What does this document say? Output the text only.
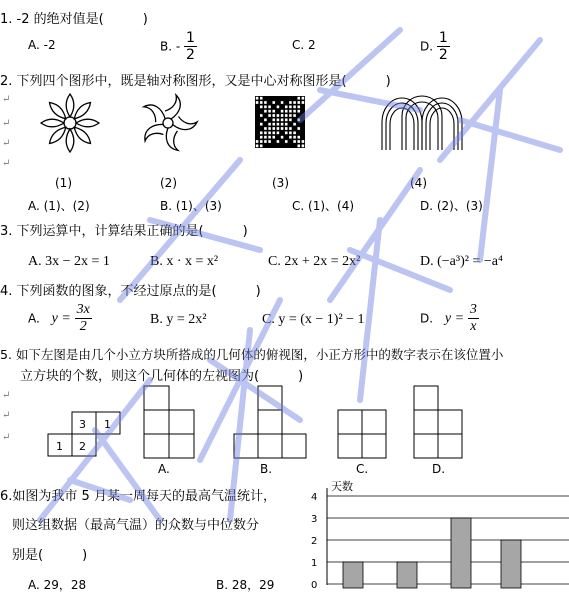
1. -2 的绝对值是(　　　)
A. -2	B. - $\frac{1}{2}$	C. 2	D. $\frac{1}{2}$
2. 下列四个图形中，既是轴对称图形，又是中心对称图形是(　　　)
↵
↵
↵
↵
(1)	(2)	(3)	(4)
A. (1)、(2)	B. (1)、(3)	C. (1)、(4)	D. (2)、(3)
3. 下列运算中，计算结果正确的是(　　　)
A. 3x − 2x = 1	B. x · x = x²	C. 2x + 2x = 2x²	D. (−a³)² = −a⁴
4. 下列函数的图象，不经过原点的是(　　　)
A. $y = \frac{3x}{2}$	B. y = 2x²	C. y = (x − 1)² − 1	D. $y = \frac{3}{x}$
5. 如下左图是由几个小立方块所搭成的几何体的俯视图，小正方形中的数字表示在该位置小
立方块的个数，则这个几何体的左视图为(　　　)
↵
↵
↵
3 1
1 2
A.	B.	C.	D.
6.如图为我市 5 月某一周每天的最高气温统计，
则这组数据（最高气温）的众数与中位数分
别是(　　　)
A. 29，28	B. 28，29	0
1
2
3
4
天数
